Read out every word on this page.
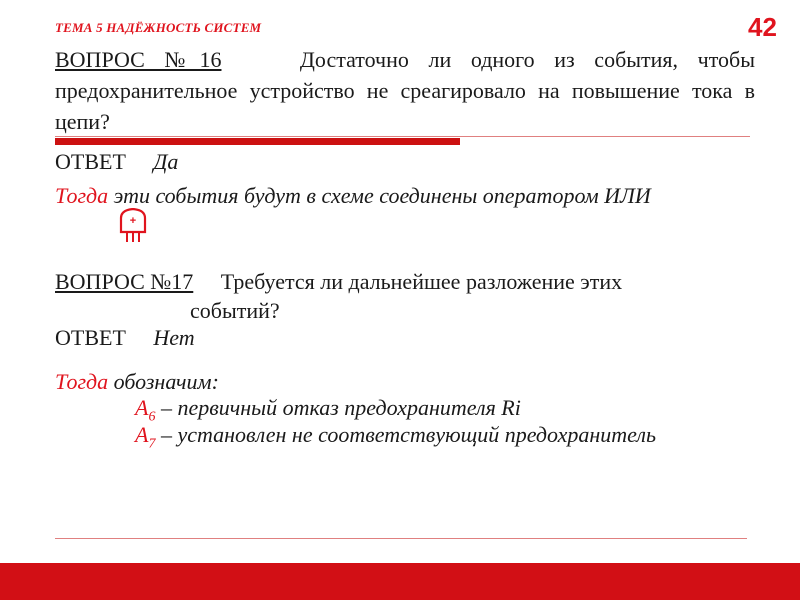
ТЕМА 5 НАДЁЖНОСТЬ СИСТЕМ	42
ВОПРОС №16	Достаточно ли одного из события, чтобы предохранительное устройство не среагировало на повышение тока в цепи?
ОТВЕТ Да
Тогда эти события будут в схеме соединены оператором ИЛИ
+
ВОПРОС №17 Требуется ли дальнейшее разложение этих
событий?
ОТВЕТ Нет
Тогда обозначим:
$А_6$ – первичный отказ предохранителя Ri
$А_7$ – установлен не соответствующий предохранитель
